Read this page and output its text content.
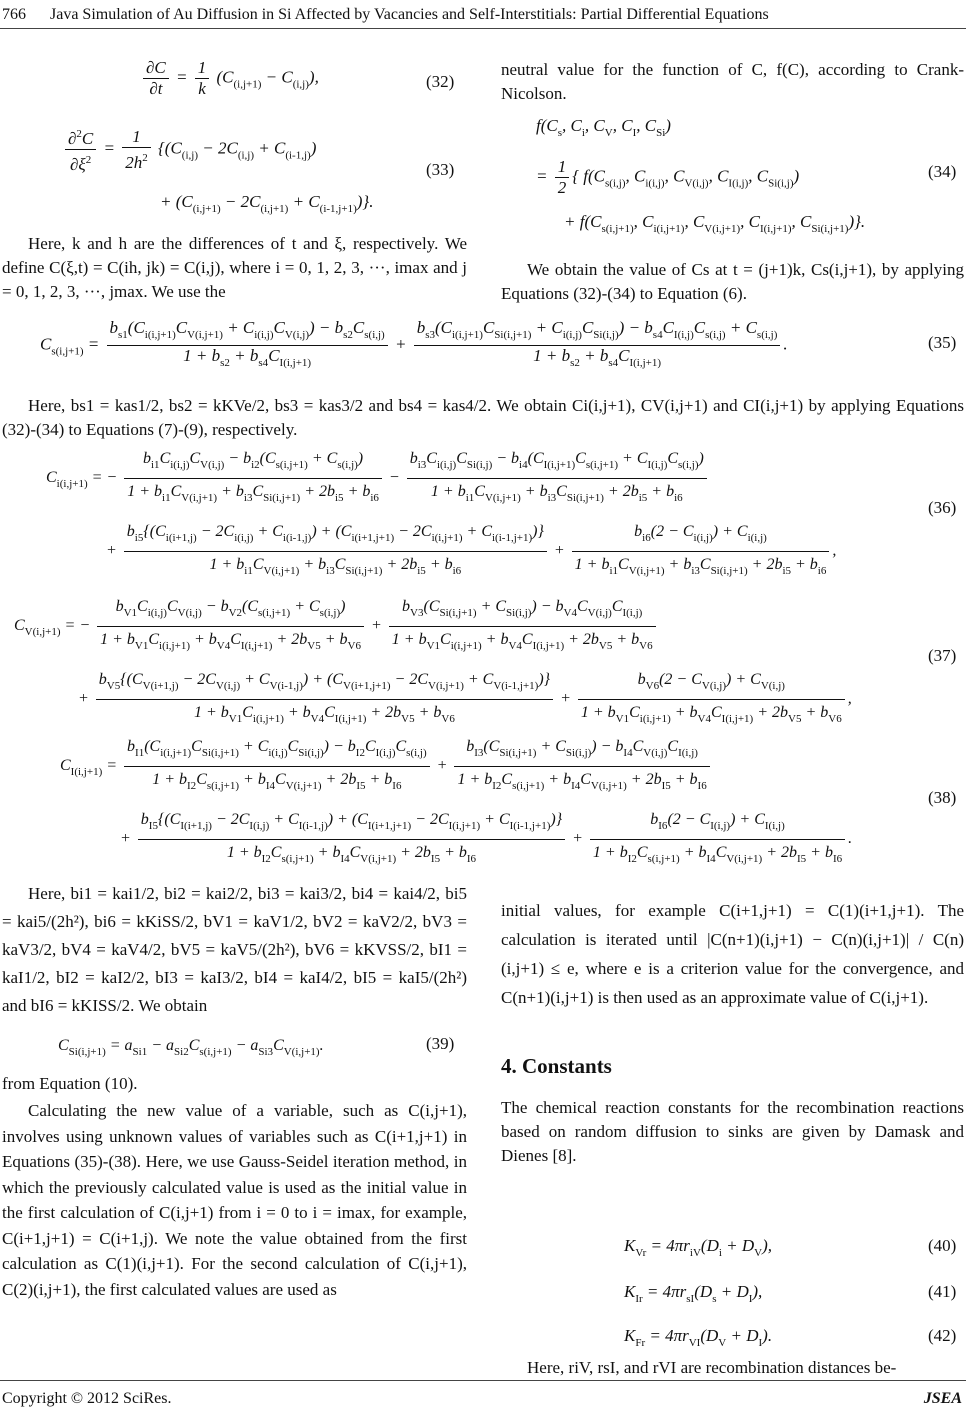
766 Java Simulation of Au Diffusion in Si Affected by Vacancies and Self-Interstitials: Partial Differential Equations
$\frac{\partial C}{\partial t} = \frac{1}{k} (C_{(i,j+1)} - C_{(i,j)})$,	(32)
$\frac{\partial^2C}{\partial\xi^2} = \frac{1}{2h^2} \{(C_{(i,j)} - 2C_{(i,j)} + C_{(i-1,j)})$
+ $(C_{(i,j+1)} - 2C_{(i,j+1)} + C_{(i-1,j+1)})$}.
(33)

Here, k and h are the differences of t and ξ, respectively. We define C(ξ,t) = C(ih, jk) = C(i,j), where i = 0, 1, 2, 3, ···, imax and j = 0, 1, 2, 3, ···, jmax. We use the

neutral value for the function of C, f(C), according to Crank-Nicolson.

$f(C_s$, $C_i$, $C_V$, $C_I$, $C_{Si}$)
= $\frac{1}{2}$ { $f(C_{s(i,j)}$, $C_{i(i,j)}$, $C_{V(i,j)}$, $C_{I(i,j)}$, $C_{Si(i,j)}$)
+ $f(C_{s(i,j+1)}$, $C_{i(i,j+1)}$, $C_{V(i,j+1)}$, $C_{I(i,j+1)}$, $C_{Si(i,j+1)}$)}.
(34)

We obtain the value of Cs at t = (j+1)k, Cs(i,j+1), by applying Equations (32)-(34) to Equation (6).

$C_{s(i,j+1)} = \frac{b_{s1}(C_{i(i,j+1)}C_{V(i,j+1)} + C_{i(i,j)}C_{V(i,j)}) - b_{s2}C_{s(i,j)}}{1 + b_{s2} + b_{s4}C_{I(i,j+1)}}$ +
$b_{s3}(C_{i(i,j+1)}C_{Si(i,j+1)} + C_{i(i,j)}C_{Si(i,j)}) - b_{s4}C_{I(i,j)}C_{s(i,j)} + C_{s(i,j)}$
$1 + b_{s2} + b_{s4}C_{I(i,j+1)}$
.	(35)

Here, bs1 = kas1/2, bs2 = kKVe/2, bs3 = kas3/2 and bs4 = kas4/2. We obtain Ci(i,j+1), CV(i,j+1) and CI(i,j+1) by applying Equations (32)-(34) to Equations (7)-(9), respectively.

$C_{i(i,j+1)}$ = − $\frac{b_{i1}C_{i(i,j)}C_{V(i,j)} - b_{i2}(C_{s(i,j+1)} + C_{s(i,j)})}{1 + b_{i1}C_{V(i,j+1)} + b_{i3}C_{Si(i,j+1)} + 2b_{i5} + b_{i6}}$ −
$b_{i3}C_{i(i,j)}C_{Si(i,j)} - b_{i4}(C_{I(i,j+1)}C_{s(i,j+1)} + C_{I(i,j)}C_{s(i,j)})$
$1 + b_{i1}C_{V(i,j+1)} + b_{i3}C_{Si(i,j+1)} + 2b_{i5} + b_{i6}$
+
$b_{i5}\{(C_{i(i+1,j)} - 2C_{i(i,j)} + C_{i(i-1,j)}) + (C_{i(i+1,j+1)} - 2C_{i(i,j+1)} + C_{i(i-1,j+1)})\}$
$1 + b_{i1}C_{V(i,j+1)} + b_{i3}C_{Si(i,j+1)} + 2b_{i5} + b_{i6}$
+ $\frac{b_{i6}(2 - C_{i(i,j)}) + C_{i(i,j)}}{1 + b_{i1}C_{V(i,j+1)} + b_{i3}C_{Si(i,j+1)} + 2b_{i5} + b_{i6}}$ ,
(36)
$C_{V(i,j+1)}$ = − $\frac{b_{V1}C_{i(i,j)}C_{V(i,j)} - b_{V2}(C_{s(i,j+1)} + C_{s(i,j)})}{1 + b_{V1}C_{i(i,j+1)} + b_{V4}C_{I(i,j+1)} + 2b_{V5} + b_{V6}} + \frac{b_{V3}(C_{Si(i,j+1)} + C_{Si(i,j)}) - b_{V4}C_{V(i,j)}C_{I(i,j)}}{1 + b_{V1}C_{i(i,j+1)} + b_{V4}C_{I(i,j+1)} + 2b_{V5} + b_{V6}}$
+
$b_{V5}\{(C_{V(i+1,j)} - 2C_{V(i,j)} + C_{V(i-1,j)}) + (C_{V(i+1,j+1)} - 2C_{V(i,j+1)} + C_{V(i-1,j+1)})\}$
$1 + b_{V1}C_{i(i,j+1)} + b_{V4}C_{I(i,j+1)} + 2b_{V5} + b_{V6}$
+ $\frac{b_{V6}(2 - C_{V(i,j)}) + C_{V(i,j)}}{1 + b_{V1}C_{i(i,j+1)} + b_{V4}C_{I(i,j+1)} + 2b_{V5} + b_{V6}}$ ,
(37)
$C_{I(i,j+1)}$ =
$b_{I1}(C_{i(i,j+1)}C_{Si(i,j+1)} + C_{i(i,j)}C_{Si(i,j)}) - b_{I2}C_{I(i,j)}C_{s(i,j)}$
$1 + b_{I2}C_{s(i,j+1)} + b_{I4}C_{V(i,j+1)} + 2b_{I5} + b_{I6}$
+ $\frac{b_{I3}(C_{Si(i,j+1)} + C_{Si(i,j)}) - b_{I4}C_{V(i,j)}C_{I(i,j)}}{1 + b_{I2}C_{s(i,j+1)} + b_{I4}C_{V(i,j+1)} + 2b_{I5} + b_{I6}}$
+
$b_{I5}\{(C_{I(i+1,j)} - 2C_{I(i,j)} + C_{I(i-1,j)}) + (C_{I(i+1,j+1)} - 2C_{I(i,j+1)} + C_{I(i-1,j+1)})\}$
$1 + b_{I2}C_{s(i,j+1)} + b_{I4}C_{V(i,j+1)} + 2b_{I5} + b_{I6}$
+ $\frac{b_{I6}(2 - C_{I(i,j)}) + C_{I(i,j)}}{1 + b_{I2}C_{s(i,j+1)} + b_{I4}C_{V(i,j+1)} + 2b_{I5} + b_{I6}}$ .
(38)

Here, bi1 = kai1/2, bi2 = kai2/2, bi3 = kai3/2, bi4 = kai4/2, bi5 = kai5/(2h²), bi6 = kKiSS/2, bV1 = kaV1/2, bV2 = kaV2/2, bV3 = kaV3/2, bV4 = kaV4/2, bV5 = kaV5/(2h²), bV6 = kKVSS/2, bI1 = kaI1/2, bI2 = kaI2/2, bI3 = kaI3/2, bI4 = kaI4/2, bI5 = kaI5/(2h²) and bI6 = kKISS/2. We obtain

$C_{Si(i,j+1)} = a_{Si1} - a_{Si2}C_{s(i,j+1)} - a_{Si3}C_{V(i,j+1)}$.	(39)

from Equation (10).

Calculating the new value of a variable, such as C(i,j+1), involves using unknown values of variables such as C(i+1,j+1) in Equations (35)-(38). Here, we use Gauss-Seidel iteration method, in which the previously calculated value is used as the initial value in the first calculation of C(i,j+1) from i = 0 to i = imax, for example, C(i+1,j+1) = C(i+1,j). We note the value obtained from the first calculation as C(1)(i,j+1). For the second calculation of C(i,j+1), C(2)(i,j+1), the first calculated values are used as

initial values, for example C(i+1,j+1) = C(1)(i+1,j+1). The calculation is iterated until |C(n+1)(i,j+1) − C(n)(i,j+1)| / C(n)(i,j+1) ≤ e, where e is a criterion value for the convergence, and C(n+1)(i,j+1) is then used as an approximate value of C(i,j+1).

4. Constants

The chemical reaction constants for the recombination reactions based on random diffusion to sinks are given by Damask and Dienes [8].

$K_{Vr} = 4\pi r_{iV}(D_i + D_V)$,	(40)
$K_{Ir} = 4\pi r_{sI}(D_s + D_I)$,	(41)
$K_{Fr} = 4\pi r_{VI}(D_V + D_I)$.	(42)

Here, riV, rsI, and rVI are recombination distances be-

Copyright © 2012 SciRes.	JSEA
